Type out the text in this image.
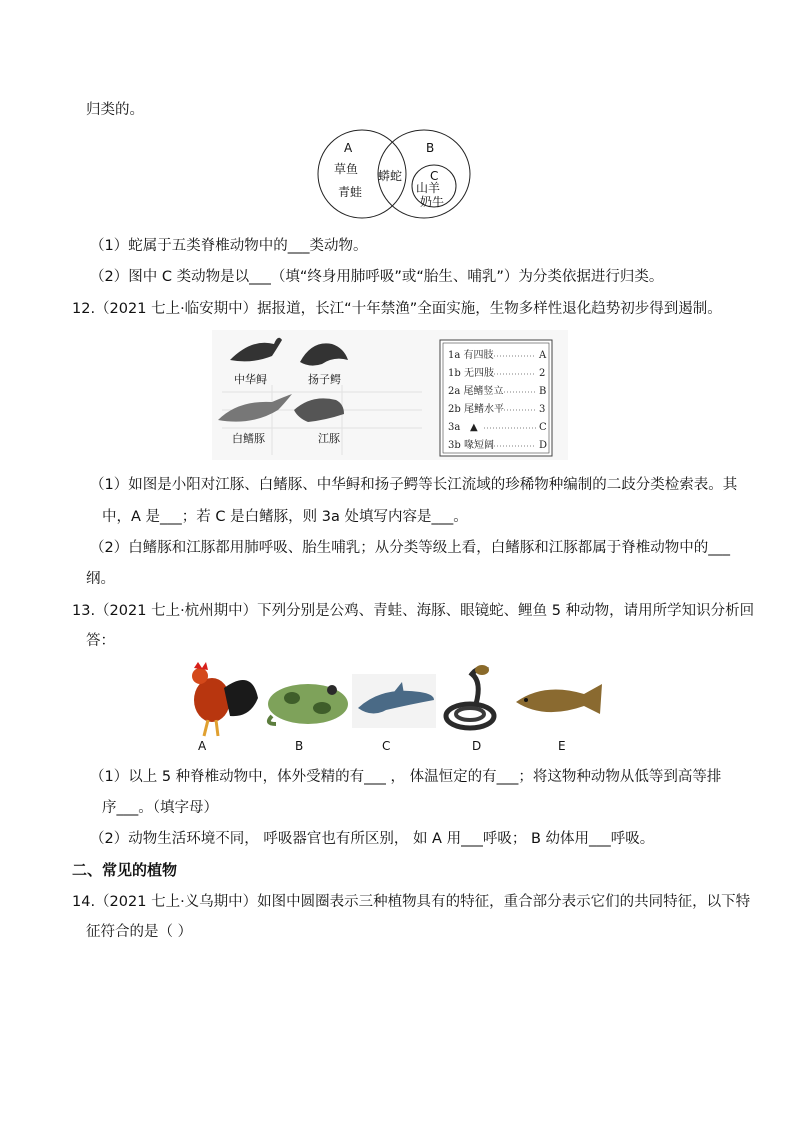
归类的。
A	B
C
草鱼
青蛙
蟒蛇
山羊
奶牛
（1）蛇属于五类脊椎动物中的___类动物。
（2）图中 C 类动物是以___（填“终身用肺呼吸”或“胎生、哺乳”）为分类依据进行归类。
12.（2021 七上·临安期中）据报道，长江“十年禁渔”全面实施，生物多样性退化趋势初步得到遏制。
中华鲟	扬子鳄
白鳍豚	江豚
1a 有四肢	A
1b 无四肢	2
2a 尾鳍竖立	B
2b 尾鳍水平	3
3a ▲	C
3b 喙短阔	D
（1）如图是小阳对江豚、白鳍豚、中华鲟和扬子鳄等长江流域的珍稀物种编制的二歧分类检索表。其
中，A 是___；若 C 是白鳍豚，则 3a 处填写内容是___。
（2）白鳍豚和江豚都用肺呼吸、胎生哺乳；从分类等级上看，白鳍豚和江豚都属于脊椎动物中的___
纲。
13.（2021 七上·杭州期中）下列分别是公鸡、青蛙、海豚、眼镜蛇、鲤鱼 5 种动物，请用所学知识分析回
答：
A	B	C	D	E
（1）以上 5 种脊椎动物中，体外受精的有___ ， 体温恒定的有___；将这物种动物从低等到高等排
序___。（填字母）
（2）动物生活环境不同， 呼吸器官也有所区别， 如 A 用___呼吸； B 幼体用___呼吸。
二、常见的植物
14.（2021 七上·义乌期中）如图中圆圈表示三种植物具有的特征，重合部分表示它们的共同特征，以下特
征符合的是（ ）
